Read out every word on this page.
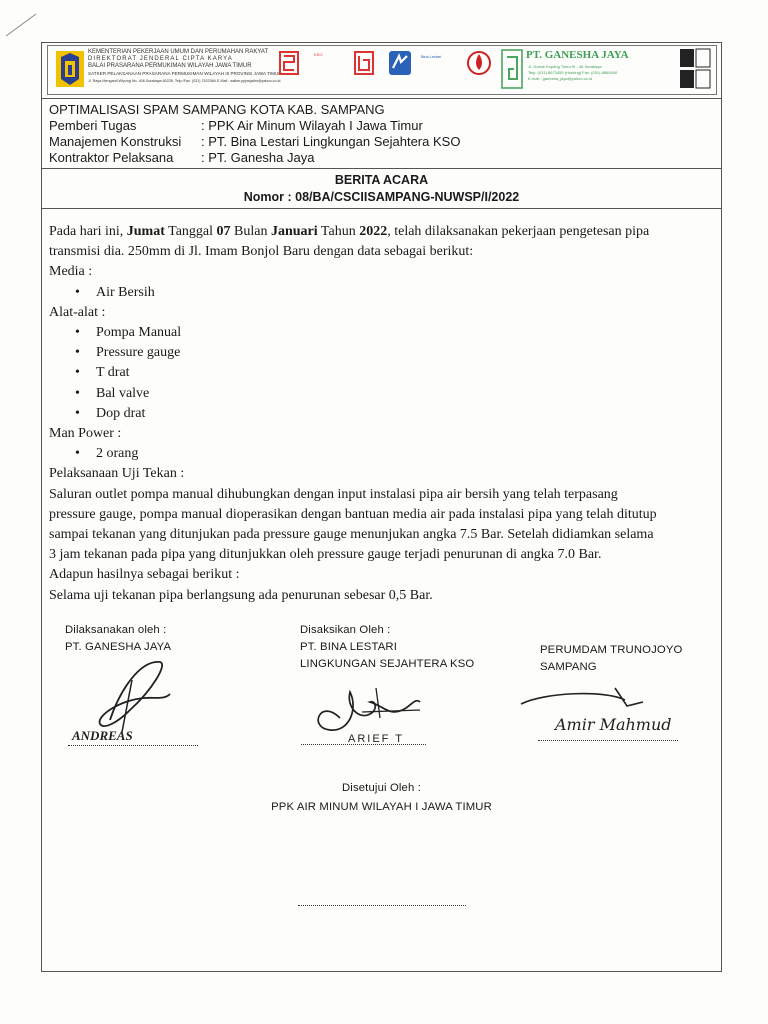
KEMENTERIAN PEKERJAAN UMUM DAN PERUMAHAN RAKYAT
DIREKTORAT JENDERAL CIPTA KARYA
BALAI PRASARANA PERMUKIMAN WILAYAH JAWA TIMUR
SATKER PELAKSANAAN PRASARANA PERMUKIMAN WILAYAH III PROVINSI JAWA TIMUR
Jl. Raya Menganti Wiyung No. 406 Surabaya 60228, Telp./Fax. (031) 7522084 E-Mail : satker.pppwjatim@yahoo.co.id
KSO	Bina Lestari	PT. GANESHA JAYA
Jl. Gubuk Kupang Timur III - 46 Surabaya
Telp. (031) 8673455 (Hunting) Fax. (031) 8660640
E-mail : ganesha_jaya@yahoo.co.id
OPTIMALISASI SPAM SAMPANG KOTA KAB. SAMPANG
Pemberi Tugas	: PPK Air Minum Wilayah I Jawa Timur
Manajemen Konstruksi : PT. Bina Lestari Lingkungan Sejahtera KSO
Kontraktor Pelaksana : PT. Ganesha Jaya
BERITA ACARA
Nomor : 08/BA/CSCIISAMPANG-NUWSP/I/2022
Pada hari ini, Jumat Tanggal 07 Bulan Januari Tahun 2022, telah dilaksanakan pekerjaan pengetesan pipa
transmisi dia. 250mm di Jl. Imam Bonjol Baru dengan data sebagai berikut:
Media :
• Air Bersih
Alat-alat :
• Pompa Manual
• Pressure gauge
• T drat
• Bal valve
• Dop drat
Man Power :
• 2 orang
Pelaksanaan Uji Tekan :
Saluran outlet pompa manual dihubungkan dengan input instalasi pipa air bersih yang telah terpasang
pressure gauge, pompa manual dioperasikan dengan bantuan media air pada instalasi pipa yang telah ditutup
sampai tekanan yang ditunjukan pada pressure gauge menunjukan angka 7.5 Bar. Setelah didiamkan selama
3 jam tekanan pada pipa yang ditunjukkan oleh pressure gauge terjadi penurunan di angka 7.0 Bar.
Adapun hasilnya sebagai berikut :
Selama uji tekanan pipa berlangsung ada penurunan sebesar 0,5 Bar.
Dilaksanakan oleh :
PT. GANESHA JAYA
ANDREAS
Disaksikan Oleh :
PT. BINA LESTARI
LINGKUNGAN SEJAHTERA KSO
ARIEF T
PERUMDAM TRUNOJOYO
SAMPANG
Amir Mahmud
Disetujui Oleh :
PPK AIR MINUM WILAYAH I JAWA TIMUR
